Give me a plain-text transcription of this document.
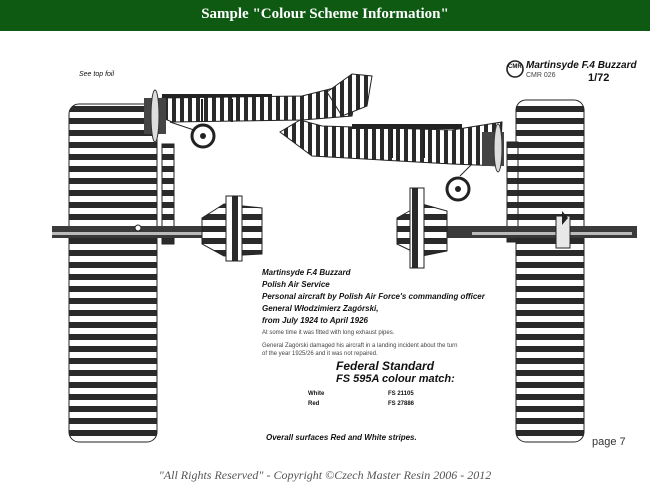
Sample "Colour Scheme Information"
CMR Martinsyde F.4 Buzzard
CMR 026	1/72
See top foil
Martinsyde F.4 Buzzard
Polish Air Service
Personal aircraft by Polish Air Force's commanding officer
General Włodzimierz Zagórski,
from July 1924 to April 1926
At some time it was fitted with long exhaust pipes.
General Zagórski damaged his aircraft in a landing incident about the turn
of the year 1925/26 and it was not repaired.
Federal Standard
FS 595A colour match:
White	FS 21105
Red	FS 27886
Overall surfaces Red and White stripes.	page 7
"All Rights Reserved" - Copyright ©Czech Master Resin 2006 - 2012
